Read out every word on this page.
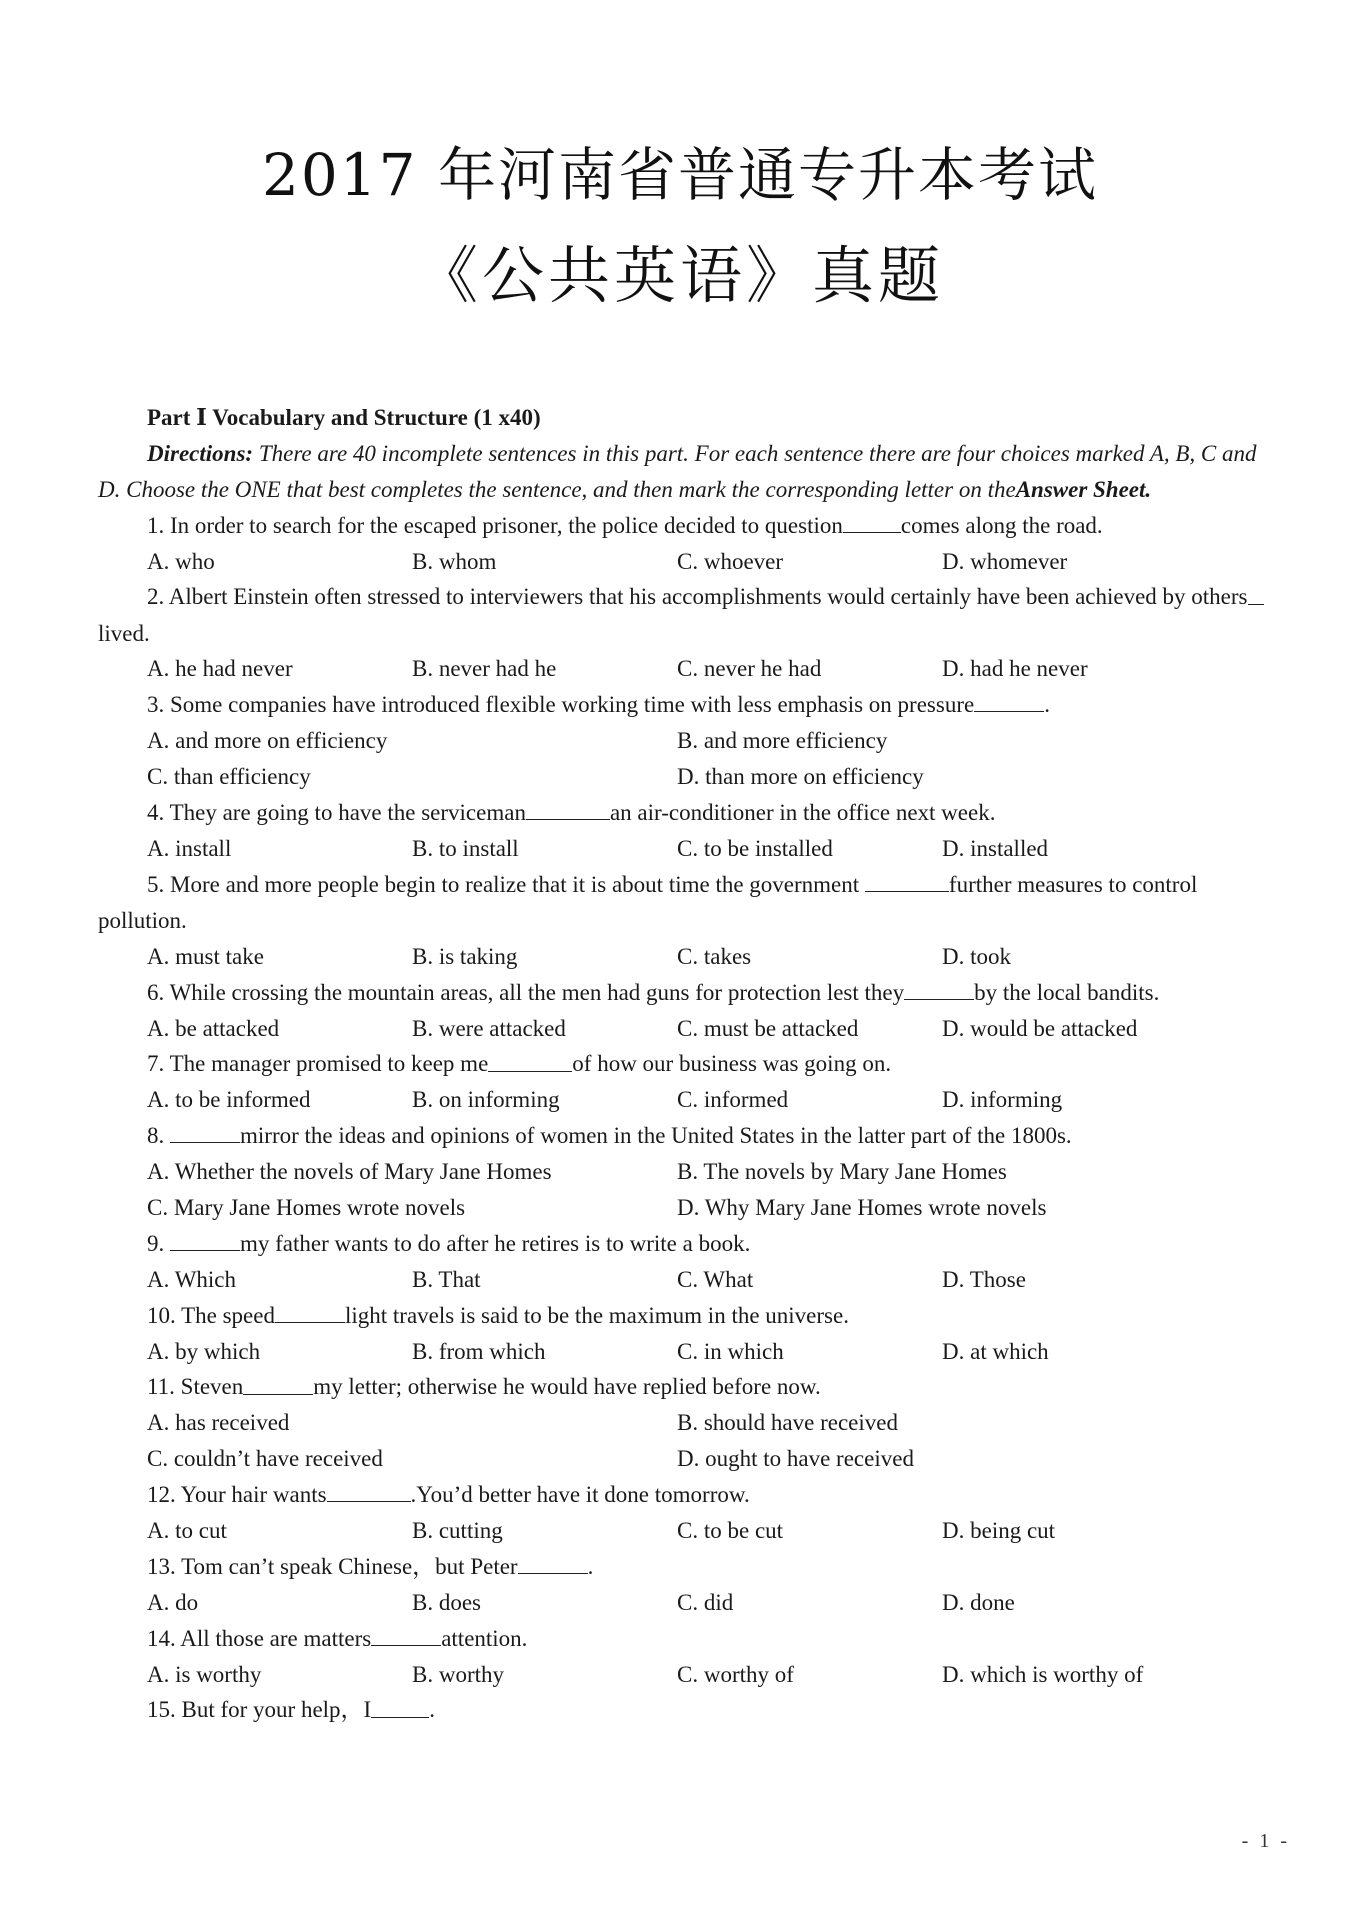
2017 年河南省普通专升本考试
《公共英语》真题
Part Ⅰ Vocabulary and Structure (1 x40)
Directions: There are 40 incomplete sentences in this part. For each sentence there are four choices marked A, B, C and D. Choose the ONE that best completes the sentence, and then mark the corresponding letter on theAnswer Sheet.
1. In order to search for the escaped prisoner, the police decided to question	comes along the road.
A. who	B. whom	C. whoever	D. whomever
2. Albert Einstein often stressed to interviewers that his accomplishments would certainly have been achieved by otherslived.
A. he had never	B. never had he	C. never he had	D. had he never
3. Some companies have introduced flexible working time with less emphasis on pressure	.
A. and more on efficiency	B. and more efficiency
C. than efficiency	D. than more on efficiency
4. They are going to have the serviceman	an air-conditioner in the office next week.
A. install	B. to install	C. to be installed	D. installed
5. More and more people begin to realize that it is about time the government	further measures to control pollution.
A. must take	B. is taking	C. takes	D. took
6. While crossing the mountain areas, all the men had guns for protection lest they	by the local bandits.
A. be attacked	B. were attacked	C. must be attacked	D. would be attacked
7. The manager promised to keep me	of how our business was going on.
A. to be informed	B. on informing	C. informed	D. informing
8.	mirror the ideas and opinions of women in the United States in the latter part of the 1800s.
A. Whether the novels of Mary Jane Homes	B. The novels by Mary Jane Homes
C. Mary Jane Homes wrote novels	D. Why Mary Jane Homes wrote novels
9.	my father wants to do after he retires is to write a book.
A. Which	B. That	C. What	D. Those
10. The speed	light travels is said to be the maximum in the universe.
A. by which	B. from which	C. in which	D. at which
11. Steven	my letter; otherwise he would have replied before now.
A. has received	B. should have received
C. couldn’t have received	D. ought to have received
12. Your hair wants	.You’d better have it done tomorrow.
A. to cut	B. cutting	C. to be cut	D. being cut
13. Tom can’t speak Chinese，but Peter	.
A. do	B. does	C. did	D. done
14. All those are matters	attention.
A. is worthy	B. worthy	C. worthy of	D. which is worthy of
15. But for your help，I	.
- 1 -
